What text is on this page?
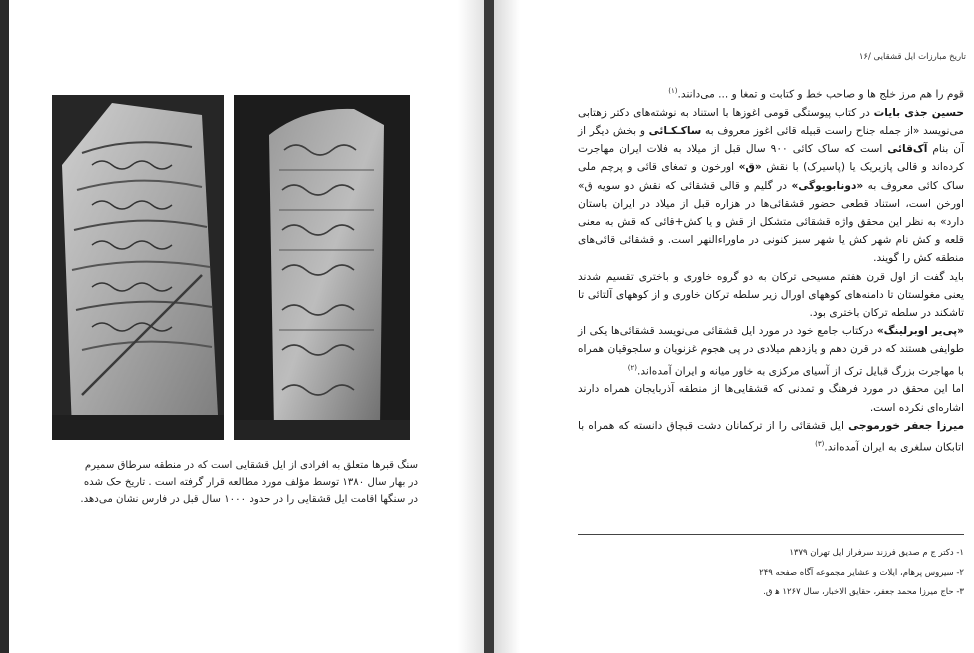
سنگ قبرها متعلق به افرادی از ایل قشقایی است که در منطقه سرطاق سمیرم

در بهار سال ۱۳۸۰ توسط مؤلف مورد مطالعه قرار گرفته است . تاریخ حک شده

در سنگها اقامت ایل قشقایی را در حدود ۱۰۰۰ سال قبل در فارس نشان می‌دهد.

تاریخ مبارزات ایل قشقایی /۱۶

قوم را هم مرز خلج ها و صاحب خط و کتابت و تمغا و ... می‌دانند.$^{(۱)}$

حسین جذی بایات در کتاب پیوستگی قومی اغوزها با استناد به نوشته‌های دکتر زهتابی می‌نویسد «از جمله جناح راست قبیله قائی اغوز معروف به ساکـکـائی و بخش دیگر از آن بنام آک‌قائی است که ساک کائی ۹۰۰ سال قبل از میلاد به فلات ایران مهاجرت کرده‌اند و قالی پازیریک یا (پاسیرک) با نقش «ق» اورخون و تمغای قائی و پرچم ملی ساک کائی معروف به «دونابویوگی» در گلیم و قالی قشقائی که نقش دو سویه ق» اورخن است، استناد قطعی حضور قشقائی‌ها در هزاره قبل از میلاد در ایران باستان دارد» به نظر این محقق واژه قشقائی متشکل از قش و یا کش+قائی که قش به معنی قلعه و کش نام شهر کش یا شهر سبز کنونی در ماوراءالنهر است. و قشقائی قائی‌های منطقه کش را گویند.

باید گفت از اول قرن هفتم مسیحی ترکان به دو گروه خاوری و باختری تقسیم شدند یعنی مغولستان تا دامنه‌های کوههای اورال زیر سلطه ترکان خاوری و از کوههای آلتائی تا تاشکند در سلطه ترکان باختری بود.

«پی‌یر اوبرلینگ» درکتاب جامع خود در مورد ایل قشقائی می‌نویسد قشقائی‌ها یکی از طوایفی هستند که در قرن دهم و یازدهم میلادی در پی هجوم غزنویان و سلجوقیان همراه با مهاجرت بزرگ قبایل ترک از آسیای مرکزی به خاور میانه و ایران آمده‌اند.$^{(۲)}$

اما این محقق در مورد فرهنگ و تمدنی که قشقایی‌ها از منطقه آذربایجان همراه دارند اشاره‌ای نکرده است.

میرزا جعفر خورموجی ایل قشقائی را از ترکمانان دشت قبچاق دانسته که همراه با اتابکان سلغری به ایران آمده‌اند.$^{(۳)}$

۱- دکتر ج م صدیق فرزند سرفراز ایل تهران ۱۳۷۹

۲- سیروس پرهام، ایلات و عشایر مجموعه آگاه صفحه ۲۴۹

۳- حاج میرزا محمد جعفر، حقایق الاخبار، سال ۱۲۶۷ ه‍ ق.
